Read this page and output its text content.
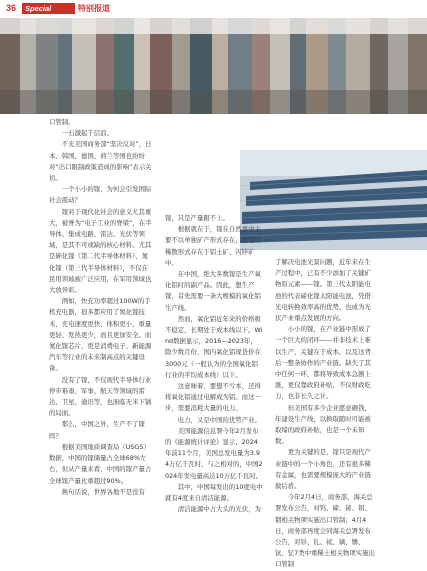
36	Special	特别报道

口管制。

一石激起千层浪。

不光美国商务部“坚决反对”，日本、韩国、德国、荷兰等国也纷纷对“出口限制政策造成的影响”表示关切。

一个小小的镓，为何会引发国际社会震动？

镓对于现代化社会的意义尤其重大，被誉为“电子工业的脊梁”，在半导体、集成电路、雷达、光伏等领域，是其不可或缺的核心材料。尤其是砷化镓（第二代半导体材料）、氮化镓（第三代半导体材料），不仅在民用领域被广泛应用，在军用领域也大放异彩。

例如，快充功率超过100W的手机充电器，很多都应用了氮化镓技术，充电速度更快、体积更小、重量更轻、发热更少，而且更加安全。而氮化镓芯片，更是消费电子、新能源汽车等行业的未来制高点的关键设备。

没有了镓，不仅现代半导体行业停步难艰、军事、航天等领域的雷达、卫星、通讯等，也面临无米下锅的局面。

那么，中国之外，生产不了镓吗？

根据美国地质调查局（USGS）数据，中国的镓储量占全球68%左右，但从产量来看，中国的镓产量占全球镓产量比重超过90%。

换句话说，世界各地不是没有

镓，只是产量跟不上。

根据就在于，镓在自然界中主要不以单独矿产形式存在，而是以稀散形式存在于铝土矿、闪锌矿中。

在中国，绝大多数镓是生产氧化铝时的副产品。因此，想生产镓，首先需要一条大规模的氧化铝生产线。

然而，氧化铝近年来的价格极不稳定，长期处于成本线以下。Wind数据显示，2016—2023年，除少数月份，国内氧化铝现货价在3000元（一般认为的全国氧化铝行业的平均成本线）以下。

这意味着，要想不亏本，还得将氧化铝通过电解成为铝。而这一步，需要消耗大量的电力。

电力，又是中国的优势产业。

美国能源信息署今年2月发布的《能源统计评论》显示，2024年前11个月，美国总发电量为3.94万亿千瓦时，与之相对的，中国2024年发电量高达10万亿千瓦时。

其中，中国每发出的10度电中就有4度来自清洁能源。

清洁能源中占大头的光伏，为

了解决电池光景问题，近年来在生产过程中，已有不少添加了关键矿物原元素——镓。第三代太阳能电池的代表碲化镓太阳能电池，凭借光电转换效率高的优势，也成为光伏产业重点发展的方向。

小小的镓，在产业链中形成了一个巨大的闭环——并非技术上难以生产，关键在于成本，以及这背后一整条协作的产业链。缺失了其中任何一环，都将导致成本急剧上涨，更仅靠政府补贴，不仅财政吃力，也非长久之计。

但美国有多少企业愿意砸钱，年建设生产线，以换取随时可能被取缔的政府补贴，也是一个未知数。

更为关键的是，镓只是现代产业链中的一个小角色，还有很多稀有金属，也需要规模庞大的产业链做后盾。

今年2月4日，商务部、海关总署发布公告，对钨、碲、铋、钼、铟相关物项实施出口管制；4月4日，商务部再度会同海关总署发布公告，对钐、钆、铽、镝、镥、钪、钇7类中重稀土相关物项实施出口管制
